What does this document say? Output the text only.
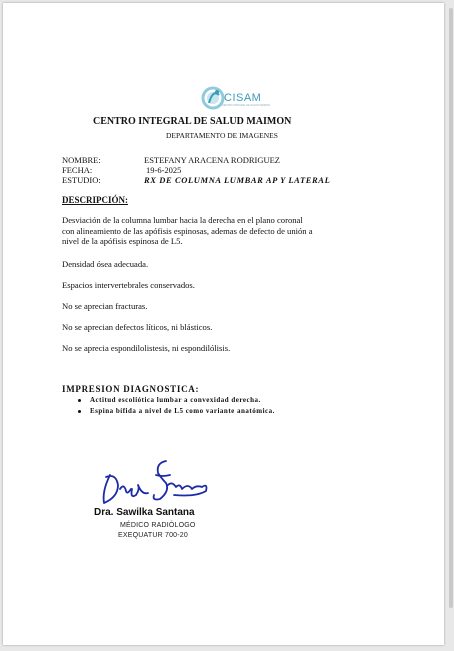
CISAM
CENTRO INTEGRAL DE SALUD MAIMON
CENTRO INTEGRAL DE SALUD MAIMON
DEPARTAMENTO DE IMAGENES
NOMBRE:	ESTEFANY ARACENA RODRIGUEZ
FECHA:	19-6-2025
ESTUDIO:	RX DE COLUMNA LUMBAR AP Y LATERAL
DESCRIPCIÓN:
Desviación de la columna lumbar hacia la derecha en el plano coronal
con alineamiento de las apófisis espinosas, ademas de defecto de unión a
nivel de la apófisis espinosa de L5.
Densidad ósea adecuada.
Espacios intervertebrales conservados.
No se aprecian fracturas.
No se aprecian defectos líticos, ni blásticos.
No se aprecia espondilolistesis, ni espondilólisis.
IMPRESION DIAGNOSTICA:
Actitud escoliótica lumbar a convexidad derecha.
Espina bífida a nivel de L5 como variante anatómica.
Dra. Sawilka Santana
MÉDICO RADIÓLOGO
EXEQUATUR 700-20
